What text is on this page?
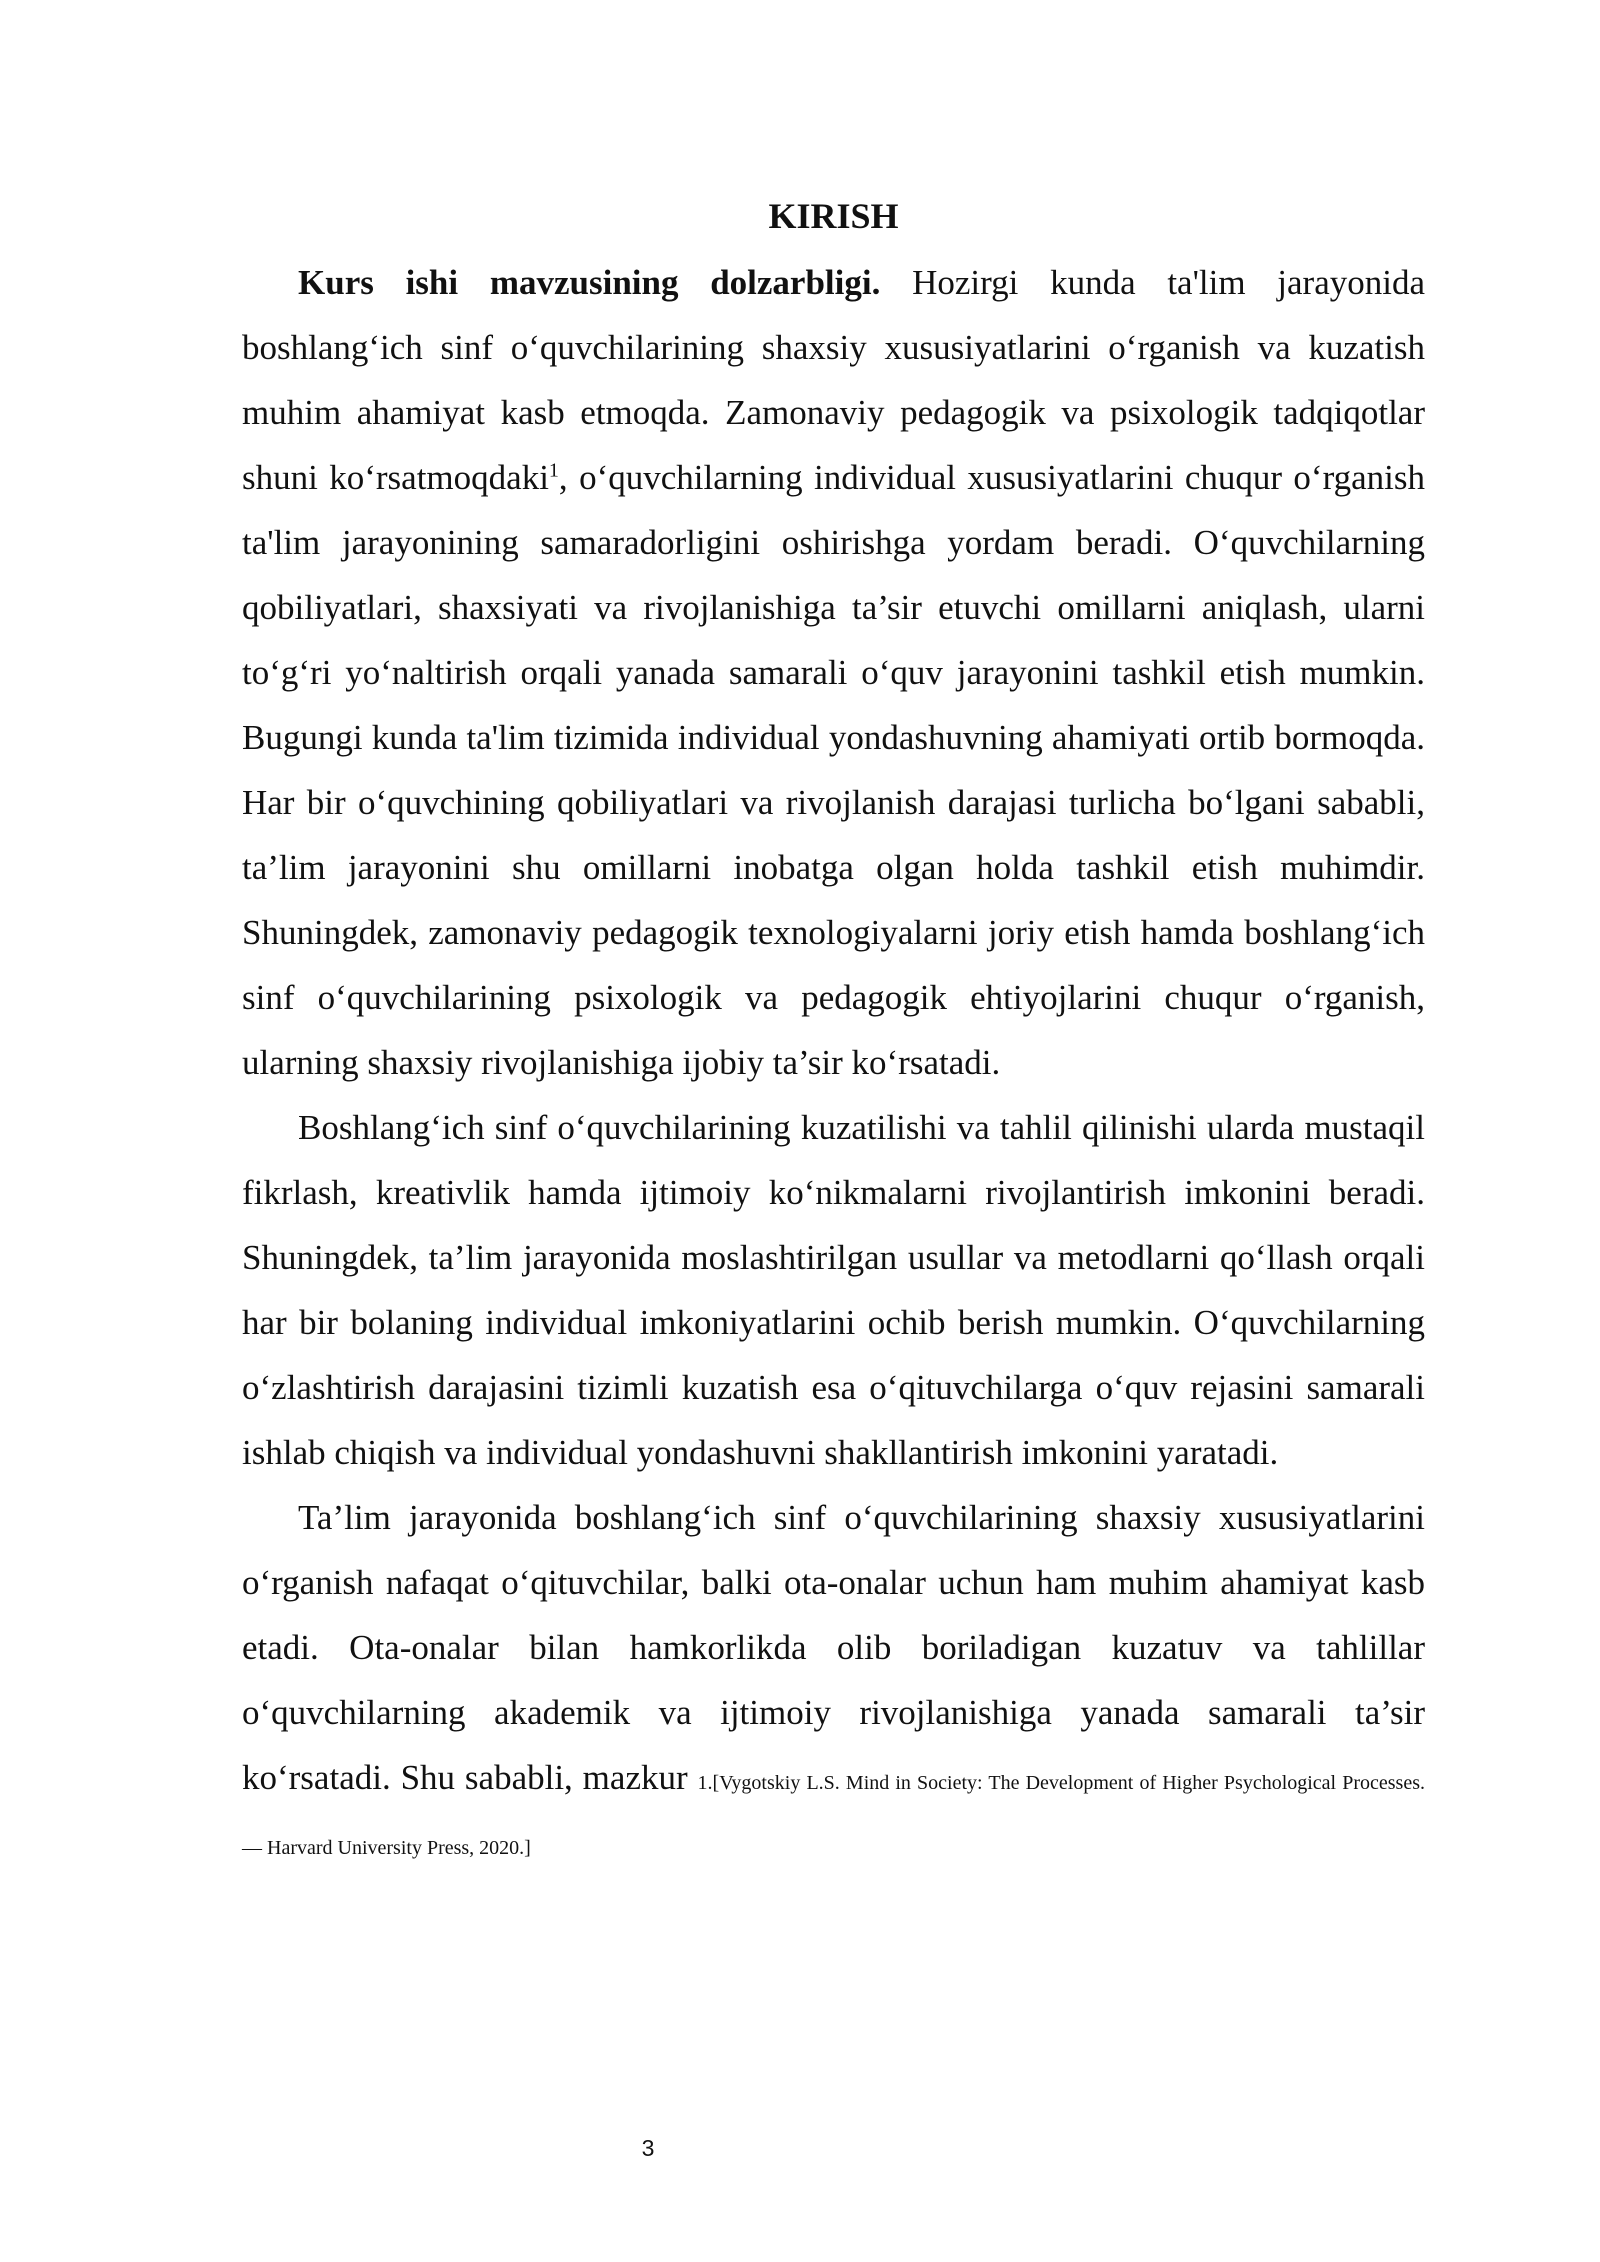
KIRISH

Kurs ishi mavzusining dolzarbligi. Hozirgi kunda ta'lim jarayonida boshlang‘ich sinf o‘quvchilarining shaxsiy xususiyatlarini o‘rganish va kuzatish muhim ahamiyat kasb etmoqda. Zamonaviy pedagogik va psixologik tadqiqotlar shuni ko‘rsatmoqdaki$^1$, o‘quvchilarning individual xususiyatlarini chuqur o‘rganish ta'lim jarayonining samaradorligini oshirishga yordam beradi. O‘quvchilarning qobiliyatlari, shaxsiyati va rivojlanishiga ta’sir etuvchi omillarni aniqlash, ularni to‘g‘ri yo‘naltirish orqali yanada samarali o‘quv jarayonini tashkil etish mumkin. Bugungi kunda ta'lim tizimida individual yondashuvning ahamiyati ortib bormoqda. Har bir o‘quvchining qobiliyatlari va rivojlanish darajasi turlicha bo‘lgani sababli, ta’lim jarayonini shu omillarni inobatga olgan holda tashkil etish muhimdir. Shuningdek, zamonaviy pedagogik texnologiyalarni joriy etish hamda boshlang‘ich sinf o‘quvchilarining psixologik va pedagogik ehtiyojlarini chuqur o‘rganish, ularning shaxsiy rivojlanishiga ijobiy ta’sir ko‘rsatadi.

Boshlang‘ich sinf o‘quvchilarining kuzatilishi va tahlil qilinishi ularda mustaqil fikrlash, kreativlik hamda ijtimoiy ko‘nikmalarni rivojlantirish imkonini beradi. Shuningdek, ta’lim jarayonida moslashtirilgan usullar va metodlarni qo‘llash orqali har bir bolaning individual imkoniyatlarini ochib berish mumkin. O‘quvchilarning o‘zlashtirish darajasini tizimli kuzatish esa o‘qituvchilarga o‘quv rejasini samarali ishlab chiqish va individual yondashuvni shakllantirish imkonini yaratadi.

Ta’lim jarayonida boshlang‘ich sinf o‘quvchilarining shaxsiy xususiyatlarini o‘rganish nafaqat o‘qituvchilar, balki ota-onalar uchun ham muhim ahamiyat kasb etadi. Ota-onalar bilan hamkorlikda olib boriladigan kuzatuv va tahlillar o‘quvchilarning akademik va ijtimoiy rivojlanishiga yanada samarali ta’sir ko‘rsatadi. Shu sababli, mazkur 1.[Vygotskiy L.S. Mind in Society: The Development of Higher Psychological Processes. — Harvard University Press, 2020.]

3
